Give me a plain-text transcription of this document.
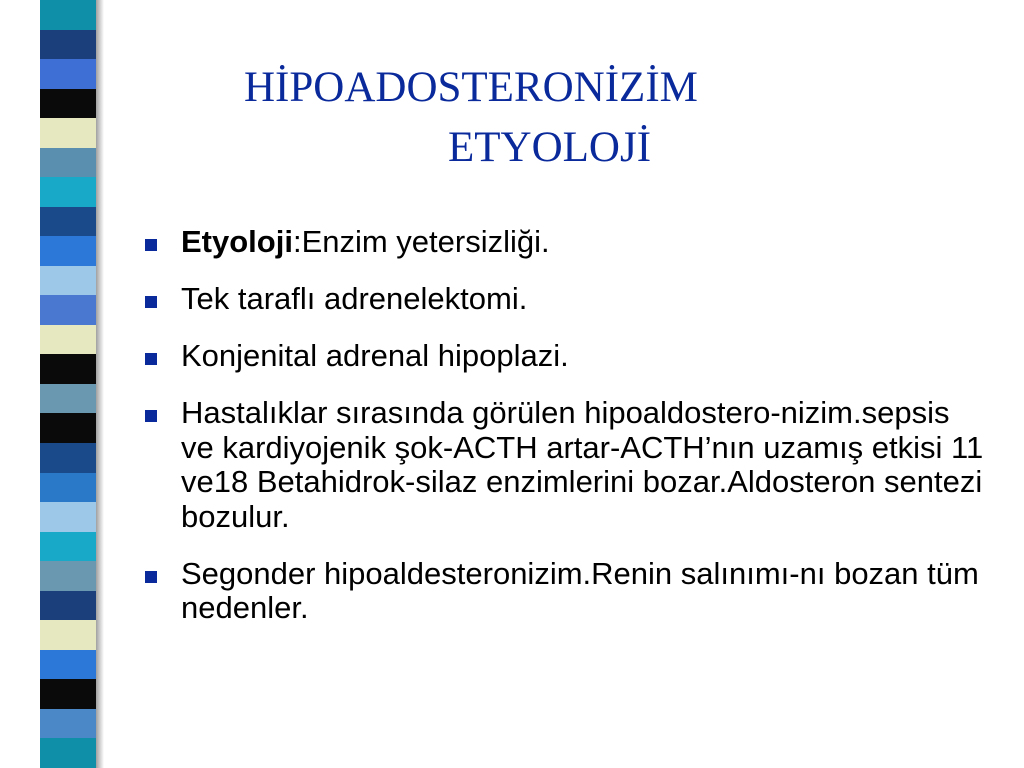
HİPOADOSTERONİZİM
ETYOLOJİ
Etyoloji:Enzim yetersizliği.
Tek taraflı adrenelektomi.
Konjenital adrenal hipoplazi.
Hastalıklar sırasında görülen hipoaldostero-nizim.sepsis ve kardiyojenik şok-ACTH artar-ACTH’nın uzamış etkisi 11 ve18 Betahidrok-silaz enzimlerini bozar.Aldosteron sentezi bozulur.
Segonder hipoaldesteronizim.Renin salınımı-nı bozan tüm nedenler.
